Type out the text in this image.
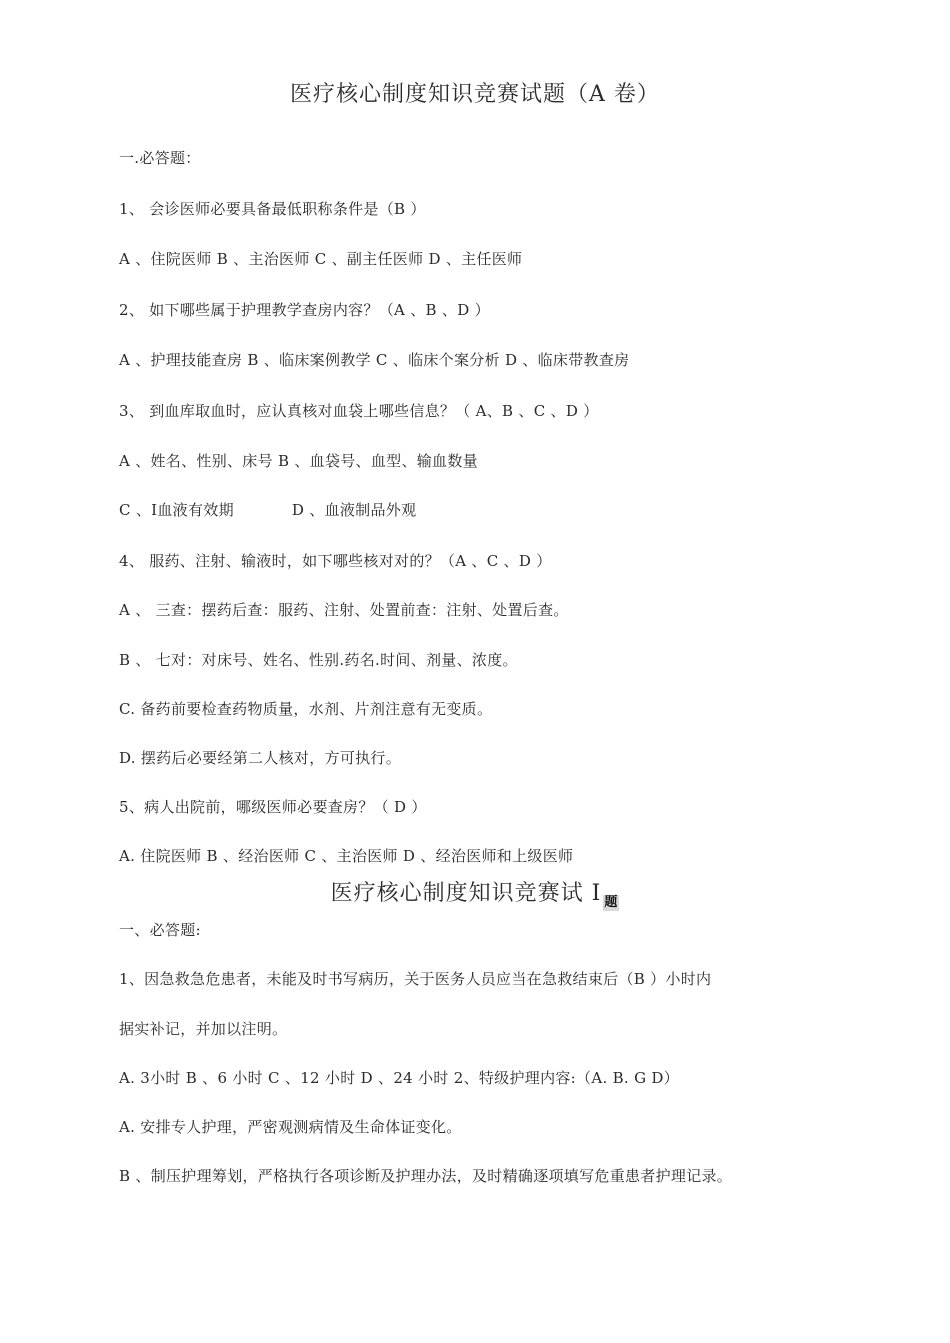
医疗核心制度知识竞赛试题（A 卷）
一.必答题：
1、 会诊医师必要具备最低职称条件是（B ）
A 、住院医师 B 、主治医师 C 、副主任医师 D 、主任医师
2、 如下哪些属于护理教学查房内容？（A 、B 、D ）
A 、护理技能查房 B 、临床案例教学 C 、临床个案分析 D 、临床带教查房
3、 到血库取血时，应认真核对血袋上哪些信息？（ A、B 、C 、D ）
A 、姓名、性别、床号 B 、血袋号、血型、输血数量
C 、I血液有效期	D 、血液制品外观
4、 服药、注射、输液时，如下哪些核对对的？（A 、C 、D ）
A 、 三查：摆药后查：服药、注射、处置前查：注射、处置后查。
B 、 七对：对床号、姓名、性别.药名.时间、剂量、浓度。
C. 备药前要检查药物质量，水剂、片剂注意有无变质。
D. 摆药后必要经第二人核对，方可执行。
5、病人出院前，哪级医师必要查房？（ D ）
A. 住院医师 B 、经治医师 C 、主治医师 D 、经治医师和上级医师
医疗核心制度知识竞赛试 I 题
一、必答题:
1、因急救急危患者，未能及时书写病历，关于医务人员应当在急救结束后（B ）小时内
据实补记，并加以注明。
A. 3小时 B 、6 小时 C 、12 小时 D 、24 小时 2、特级护理内容:（A. B. G D）
A. 安排专人护理，严密观测病情及生命体证变化。
B 、制压护理筹划，严格执行各项诊断及护理办法，及时精确逐项填写危重患者护理记录。
